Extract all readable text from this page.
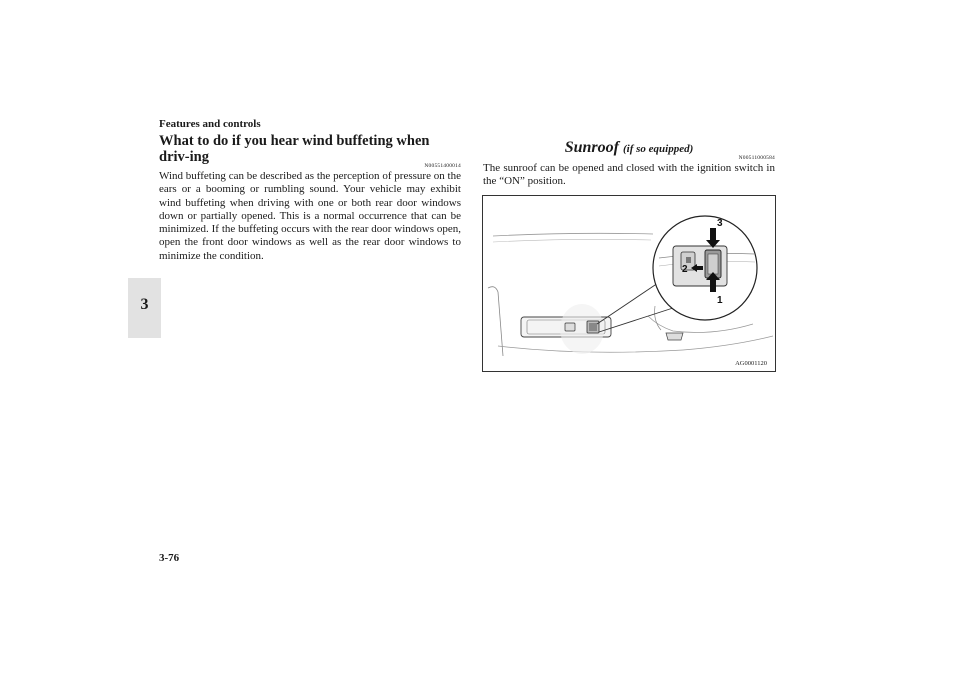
Features and controls
3
What to do if you hear wind buffeting when driv-ing
N00551400014

Wind buffeting can be described as the perception of pressure on the ears or a booming or rumbling sound. Your vehicle may exhibit wind buffeting when driving with one or both rear door windows down or partially opened. This is a normal occurrence that can be minimized. If the buffeting occurs with the rear door windows open, open the front door windows as well as the rear door windows to minimize the condition.

Sunroof (if so equipped)
N00511000584

The sunroof can be opened and closed with the ignition switch in the “ON” position.

3
2
1
AG0001120
3-76
